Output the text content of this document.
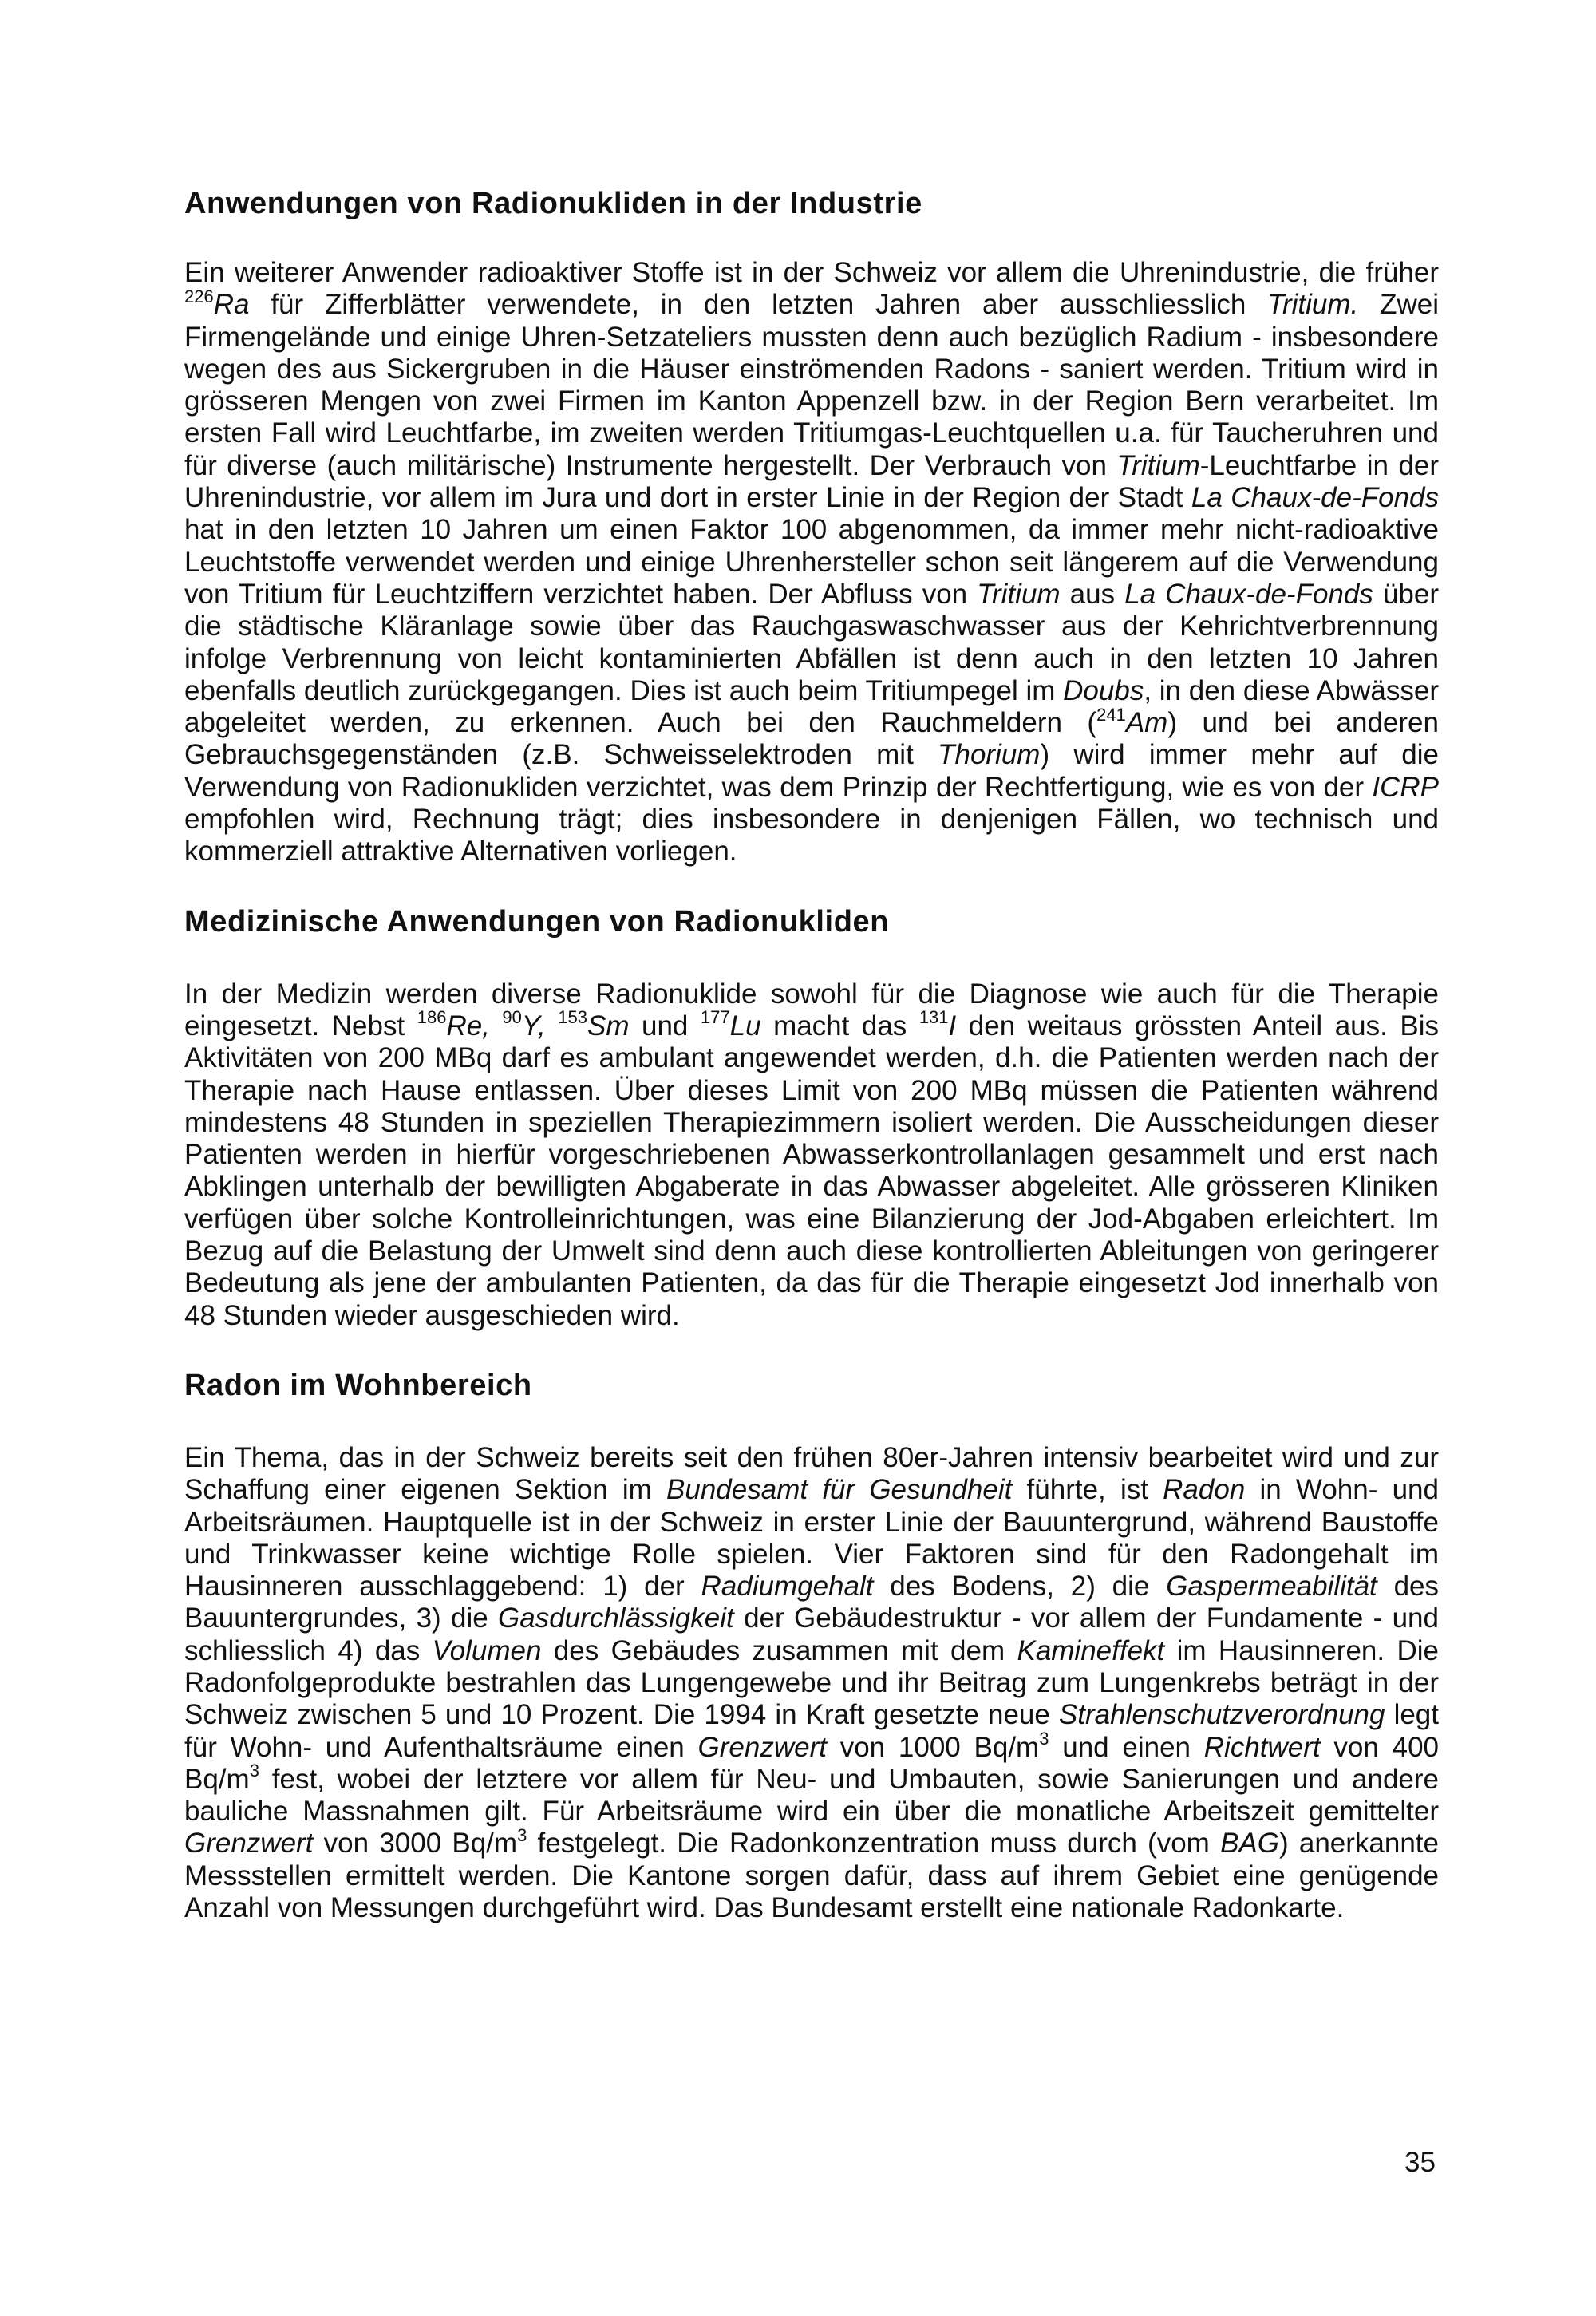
Anwendungen von Radionukliden in der Industrie

Ein weiterer Anwender radioaktiver Stoffe ist in der Schweiz vor allem die Uhrenindustrie, die früher $^{226}$Ra für Zifferblätter verwendete, in den letzten Jahren aber ausschliesslich Tritium. Zwei Firmengelände und einige Uhren-Setzateliers mussten denn auch bezüglich Radium - insbesondere wegen des aus Sickergruben in die Häuser einströmenden Radons - saniert werden. Tritium wird in grösseren Mengen von zwei Firmen im Kanton Appenzell bzw. in der Region Bern verarbeitet. Im ersten Fall wird Leuchtfarbe, im zweiten werden Tritiumgas-Leuchtquellen u.a. für Taucheruhren und für diverse (auch militärische) Instrumente hergestellt. Der Verbrauch von Tritium-Leuchtfarbe in der Uhrenindustrie, vor allem im Jura und dort in erster Linie in der Region der Stadt La Chaux-de-Fonds hat in den letzten 10 Jahren um einen Faktor 100 abgenommen, da immer mehr nicht-radioaktive Leuchtstoffe verwendet werden und einige Uhrenhersteller schon seit längerem auf die Verwendung von Tritium für Leuchtziffern verzichtet haben. Der Abfluss von Tritium aus La Chaux-de-Fonds über die städtische Kläranlage sowie über das Rauchgaswaschwasser aus der Kehrichtverbrennung infolge Verbrennung von leicht kontaminierten Abfällen ist denn auch in den letzten 10 Jahren ebenfalls deutlich zurückgegangen. Dies ist auch beim Tritiumpegel im Doubs, in den diese Abwässer abgeleitet werden, zu erkennen. Auch bei den Rauchmeldern ($^{241}$Am) und bei anderen Gebrauchsgegenständen (z.B. Schweisselektroden mit Thorium) wird immer mehr auf die Verwendung von Radionukliden verzichtet, was dem Prinzip der Rechtfertigung, wie es von der ICRP empfohlen wird, Rechnung trägt; dies insbesondere in denjenigen Fällen, wo technisch und kommerziell attraktive Alternativen vorliegen.

Medizinische Anwendungen von Radionukliden

In der Medizin werden diverse Radionuklide sowohl für die Diagnose wie auch für die Therapie eingesetzt. Nebst $^{186}$Re, $^{90}$Y, $^{153}$Sm und $^{177}$Lu macht das $^{131}$I den weitaus grössten Anteil aus. Bis Aktivitäten von 200 MBq darf es ambulant angewendet werden, d.h. die Patienten werden nach der Therapie nach Hause entlassen. Über dieses Limit von 200 MBq müssen die Patienten während mindestens 48 Stunden in speziellen Therapiezimmern isoliert werden. Die Ausscheidungen dieser Patienten werden in hierfür vorgeschriebenen Abwasserkontrollanlagen gesammelt und erst nach Abklingen unterhalb der bewilligten Abgaberate in das Abwasser abgeleitet. Alle grösseren Kliniken verfügen über solche Kontrolleinrichtungen, was eine Bilanzierung der Jod-Abgaben erleichtert. Im Bezug auf die Belastung der Umwelt sind denn auch diese kontrollierten Ableitungen von geringerer Bedeutung als jene der ambulanten Patienten, da das für die Therapie eingesetzt Jod innerhalb von 48 Stunden wieder ausgeschieden wird.

Radon im Wohnbereich

Ein Thema, das in der Schweiz bereits seit den frühen 80er-Jahren intensiv bearbeitet wird und zur Schaffung einer eigenen Sektion im Bundesamt für Gesundheit führte, ist Radon in Wohn- und Arbeitsräumen. Hauptquelle ist in der Schweiz in erster Linie der Bauuntergrund, während Baustoffe und Trinkwasser keine wichtige Rolle spielen. Vier Faktoren sind für den Radongehalt im Hausinneren ausschlaggebend: 1) der Radiumgehalt des Bodens, 2) die Gaspermeabilität des Bauuntergrundes, 3) die Gasdurchlässigkeit der Gebäudestruktur - vor allem der Fundamente - und schliesslich 4) das Volumen des Gebäudes zusammen mit dem Kamineffekt im Hausinneren. Die Radonfolgeprodukte bestrahlen das Lungengewebe und ihr Beitrag zum Lungenkrebs beträgt in der Schweiz zwischen 5 und 10 Prozent. Die 1994 in Kraft gesetzte neue Strahlenschutzverordnung legt für Wohn- und Aufenthaltsräume einen Grenzwert von 1000 $Bq/m^3$ und einen Richtwert von 400 $Bq/m^3$ fest, wobei der letztere vor allem für Neu- und Umbauten, sowie Sanierungen und andere bauliche Massnahmen gilt. Für Arbeitsräume wird ein über die monatliche Arbeitszeit gemittelter Grenzwert von 3000 $Bq/m^3$ festgelegt. Die Radonkonzentration muss durch (vom BAG) anerkannte Messstellen ermittelt werden. Die Kantone sorgen dafür, dass auf ihrem Gebiet eine genügende Anzahl von Messungen durchgeführt wird. Das Bundesamt erstellt eine nationale Radonkarte.

35
